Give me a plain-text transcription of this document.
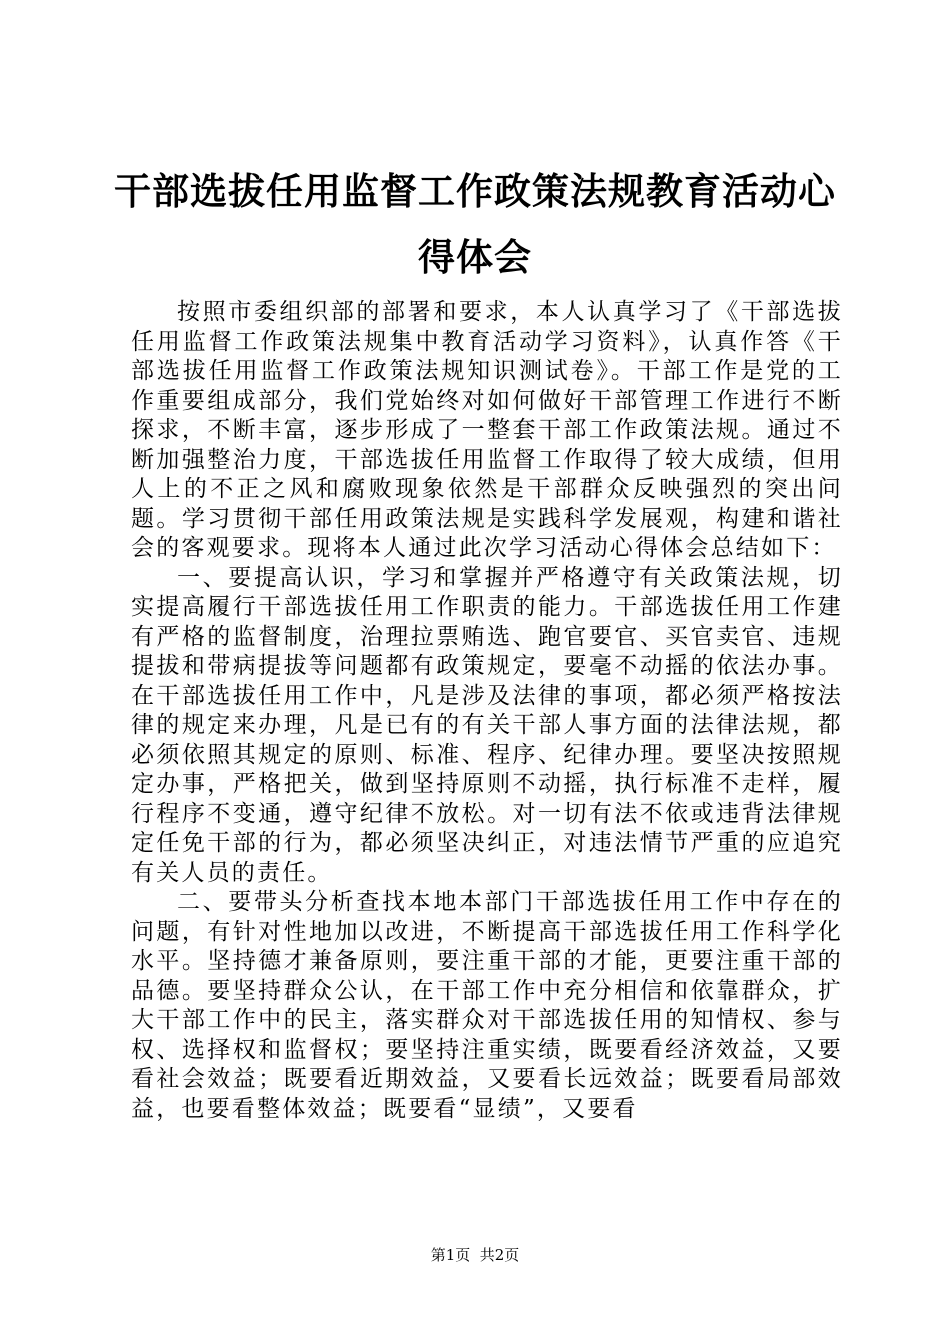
干部选拔任用监督工作政策法规教育活动心得体会

按照市委组织部的部署和要求，本人认真学习了《干部选拔任用监督工作政策法规集中教育活动学习资料》，认真作答《干部选拔任用监督工作政策法规知识测试卷》。干部工作是党的工作重要组成部分，我们党始终对如何做好干部管理工作进行不断探求，不断丰富，逐步形成了一整套干部工作政策法规。通过不断加强整治力度，干部选拔任用监督工作取得了较大成绩，但用人上的不正之风和腐败现象依然是干部群众反映强烈的突出问题。学习贯彻干部任用政策法规是实践科学发展观，构建和谐社会的客观要求。现将本人通过此次学习活动心得体会总结如下：

一、要提高认识，学习和掌握并严格遵守有关政策法规，切实提高履行干部选拔任用工作职责的能力。干部选拔任用工作建有严格的监督制度，治理拉票贿选、跑官要官、买官卖官、违规提拔和带病提拔等问题都有政策规定，要毫不动摇的依法办事。在干部选拔任用工作中，凡是涉及法律的事项，都必须严格按法律的规定来办理，凡是已有的有关干部人事方面的法律法规，都必须依照其规定的原则、标准、程序、纪律办理。要坚决按照规定办事，严格把关，做到坚持原则不动摇，执行标准不走样，履行程序不变通，遵守纪律不放松。对一切有法不依或违背法律规定任免干部的行为，都必须坚决纠正，对违法情节严重的应追究有关人员的责任。

二、要带头分析查找本地本部门干部选拔任用工作中存在的问题，有针对性地加以改进，不断提高干部选拔任用工作科学化水平。坚持德才兼备原则，要注重干部的才能，更要注重干部的品德。要坚持群众公认，在干部工作中充分相信和依靠群众，扩大干部工作中的民主，落实群众对干部选拔任用的知情权、参与权、选择权和监督权；要坚持注重实绩，既要看经济效益，又要看社会效益；既要看近期效益，又要看长远效益；既要看局部效益，也要看整体效益；既要看“显绩”，又要看

第1页  共2页
